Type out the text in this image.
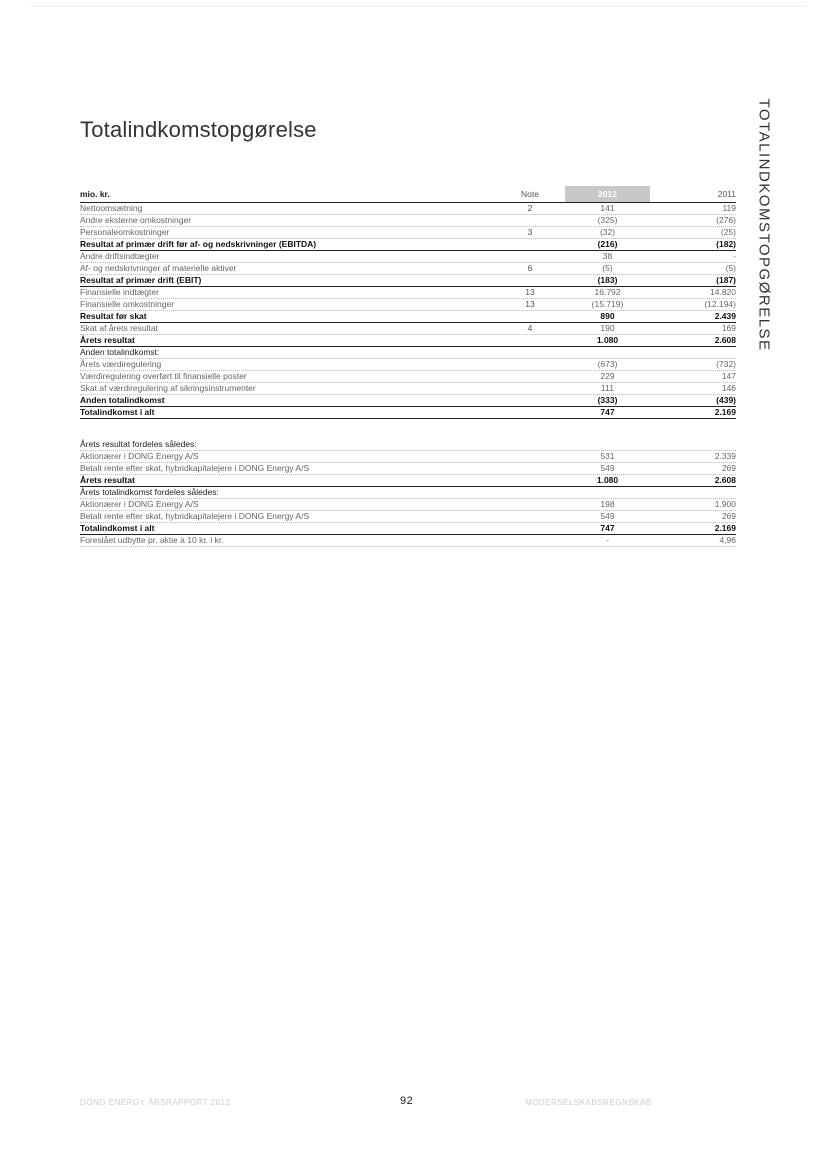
Totalindkomstopgørelse	TOTALINDKOMSTOPGØRELSE
mio. kr.	Note	2012	2011
Nettoomsætning	2	141	119
Andre eksterne omkostninger	(325)	(276)
Personaleomkostninger	3	(32)	(25)
Resultat af primær drift før af- og nedskrivninger (EBITDA)	(216)	(182)
Andre driftsindtægter	38	-
Af- og nedskrivninger af materielle aktiver	6	(5)	(5)
Resultat af primær drift (EBIT)	(183)	(187)
Finansielle indtægter	13	16.792	14.820
Finansielle omkostninger	13	(15.719)	(12.194)
Resultat før skat	890	2.439
Skat af årets resultat	4	190	169
Årets resultat	1.080	2.608
Anden totalindkomst:
Årets værdiregulering	(673)	(732)
Værdiregulering overført til finansielle poster	229	147
Skat af værdiregulering af sikringsinstrumenter	111	146
Anden totalindkomst	(333)	(439)
Totalindkomst i alt	747	2.169
Årets resultat fordeles således:
Aktionærer i DONG Energy A/S	531	2.339
Betalt rente efter skat, hybridkapitalejere i DONG Energy A/S	549	269
Årets resultat	1.080	2.608
Årets totalindkomst fordeles således:
Aktionærer i DONG Energy A/S	198	1.900
Betalt rente efter skat, hybridkapitalejere i DONG Energy A/S	549	269
Totalindkomst i alt	747	2.169
Foreslået udbytte pr. aktie à 10 kr. i kr.	-	4,96
DONG ENERGY ÅRSRAPPORT 2012	92	MODERSELSKABSREGNSKAB
